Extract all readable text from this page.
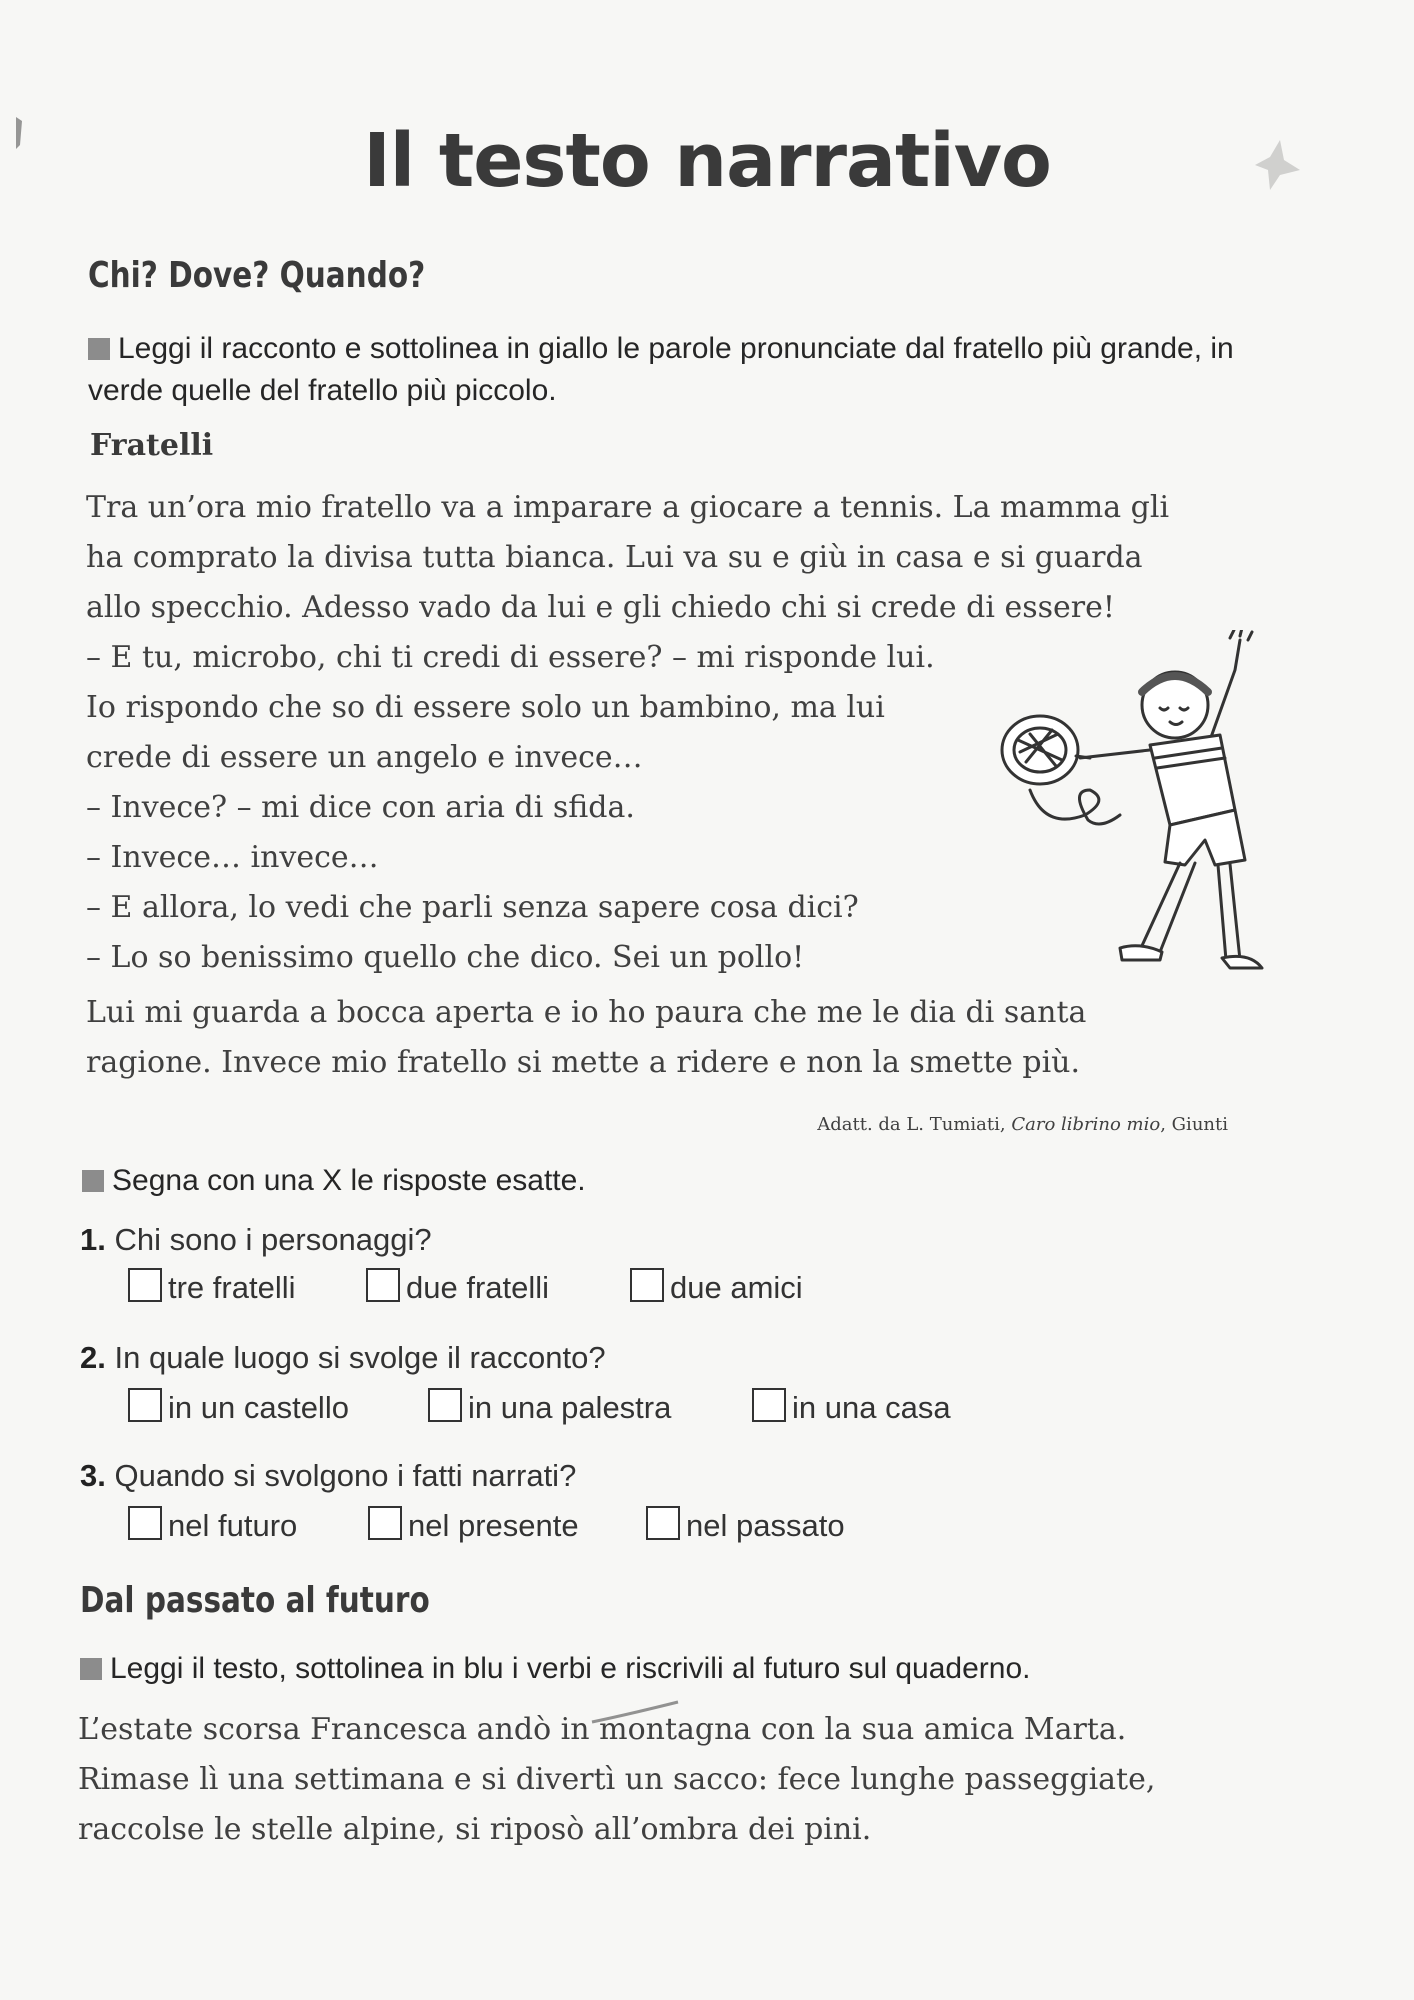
Il testo narrativo
Chi? Dove? Quando?
Leggi il racconto e sottolinea in giallo le parole pronunciate dal fratello più grande, in verde quelle del fratello più piccolo.
Fratelli
Tra un’ora mio fratello va a imparare a giocare a tennis. La mamma gli
ha comprato la divisa tutta bianca. Lui va su e giù in casa e si guarda
allo specchio. Adesso vado da lui e gli chiedo chi si crede di essere!
– E tu, microbo, chi ti credi di essere? – mi risponde lui.
Io rispondo che so di essere solo un bambino, ma lui
crede di essere un angelo e invece…
– Invece? – mi dice con aria di sfida.
– Invece… invece…
– E allora, lo vedi che parli senza sapere cosa dici?
– Lo so benissimo quello che dico. Sei un pollo!
Lui mi guarda a bocca aperta e io ho paura che me le dia di santa
ragione. Invece mio fratello si mette a ridere e non la smette più.
Adatt. da L. Tumiati, Caro librino mio, Giunti
Segna con una X le risposte esatte.
1. Chi sono i personaggi?
tre fratelli	due fratelli	due amici
2. In quale luogo si svolge il racconto?
in un castello	in una palestra	in una casa
3. Quando si svolgono i fatti narrati?
nel futuro	nel presente	nel passato
Dal passato al futuro
Leggi il testo, sottolinea in blu i verbi e riscrivili al futuro sul quaderno.
L’estate scorsa Francesca andò in montagna con la sua amica Marta.
Rimase lì una settimana e si divertì un sacco: fece lunghe passeggiate,
raccolse le stelle alpine, si riposò all’ombra dei pini.
